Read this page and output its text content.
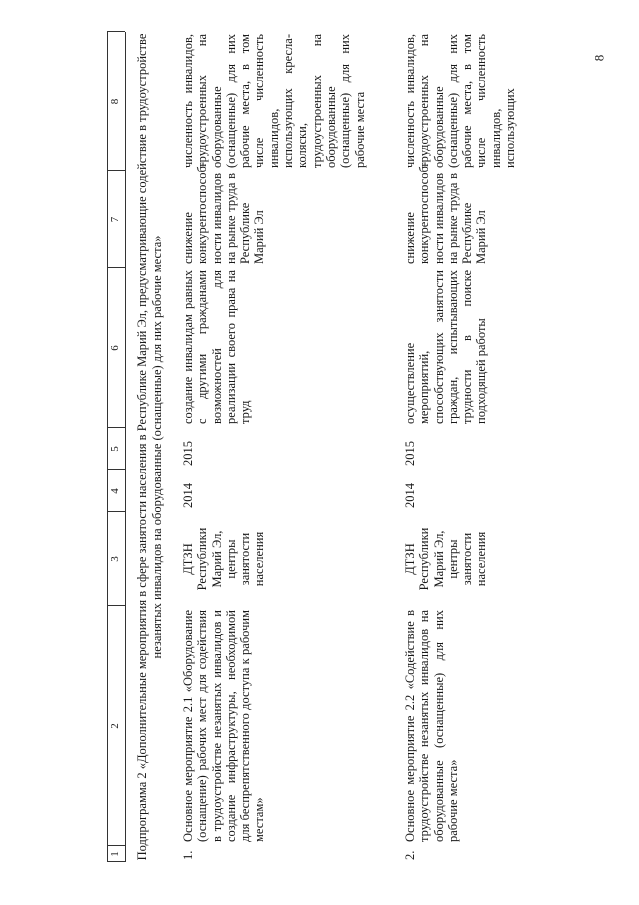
8
1
2
3
4
5
6
7
8 Подпрограмма 2 «Дополнительные мероприятия в сфере занятости населения в Республике Марий Эл, предусматривающие содействие в трудоустройстве незанятых инвалидов на оборудованные (оснащенные) для них рабочие места»
1.
Основное мероприятие 2.1 «Оборудование (оснащение) рабочих мест для содействия в трудоустройстве незанятых инвалидов и создание инфраструктуры, необходимой для беспрепятственного доступа к рабочим местам»
ДТЗН Республики Марий Эл, центры занятости населения
2014
2015
создание инвалидам равных с другими гражданами возможностей для реализации своего права на труд
снижение конкурентоспособ-ности инвалидов на рынке труда в Республике Марий Эл
численность инвалидов, трудоустроенных на оборудованные (оснащенные) для них рабочие места, в том числе численность инвалидов, использующих кресла-коляски, трудоустроенных на оборудованные (оснащенные) для них рабочие места
2.
Основное мероприятие 2.2 «Содействие в трудоустройстве незанятых инвалидов на оборудованные (оснащенные) для них рабочие места»
ДТЗН Республики Марий Эл, центры занятости населения
2014
2015
осуществление мероприятий, способствующих занятости граждан, испытывающих трудности в поиске подходящей работы
снижение конкурентоспособ-ности инвалидов на рынке труда в Республике Марий Эл
численность инвалидов, трудоустроенных на оборудованные (оснащенные) для них рабочие места, в том числе численность инвалидов, использующих
